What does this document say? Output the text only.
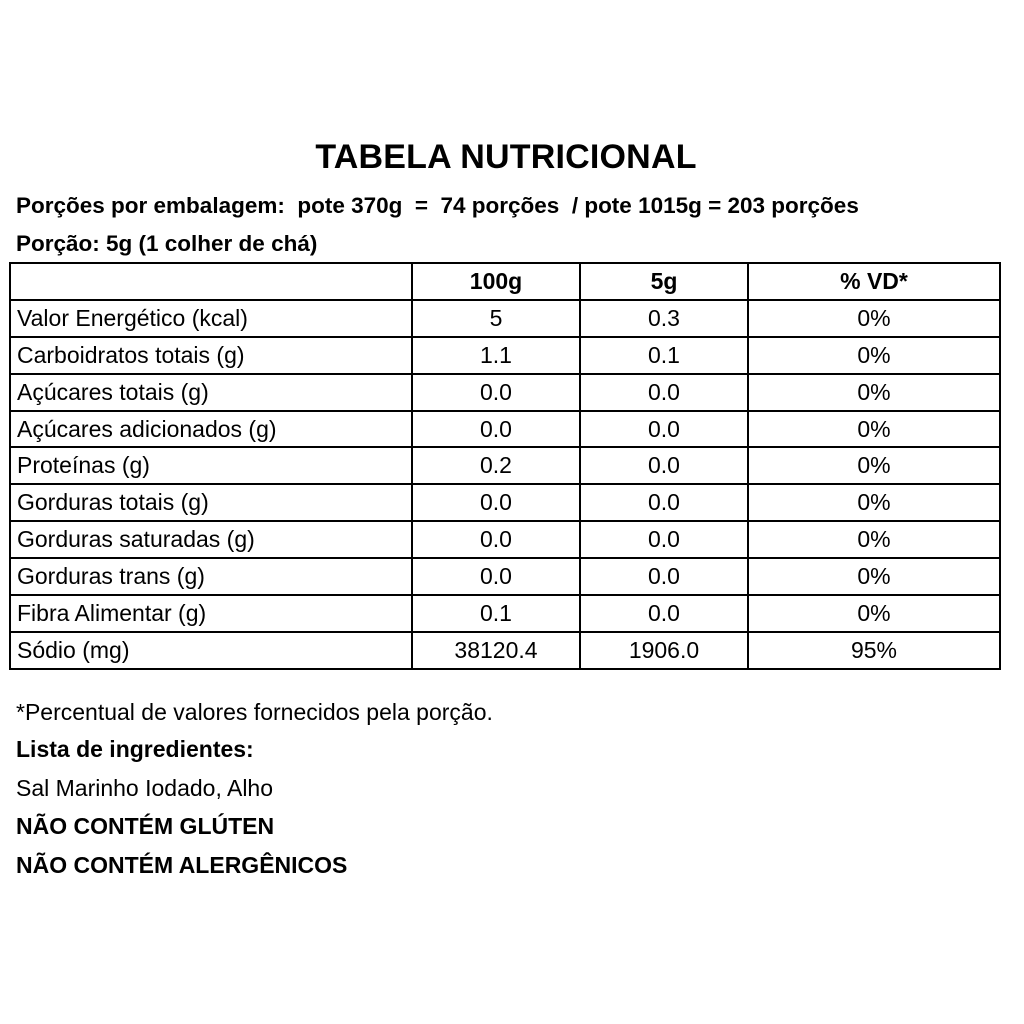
TABELA NUTRICIONAL
Porções por embalagem:  pote 370g  =  74 porções  / pote 1015g = 203 porções
Porção: 5g (1 colher de chá)
	100g	5g	% VD*
Valor Energético (kcal)	5	0.3	0%
Carboidratos totais (g)	1.1	0.1	0%
Açúcares totais (g)	0.0	0.0	0%
Açúcares adicionados (g)	0.0	0.0	0%
Proteínas (g)	0.2	0.0	0%
Gorduras totais (g)	0.0	0.0	0%
Gorduras saturadas (g)	0.0	0.0	0%
Gorduras trans (g)	0.0	0.0	0%
Fibra Alimentar (g)	0.1	0.0	0%
Sódio (mg)	38120.4	1906.0	95%
*Percentual de valores fornecidos pela porção.
Lista de ingredientes:
Sal Marinho Iodado, Alho
NÃO CONTÉM GLÚTEN
NÃO CONTÉM ALERGÊNICOS
